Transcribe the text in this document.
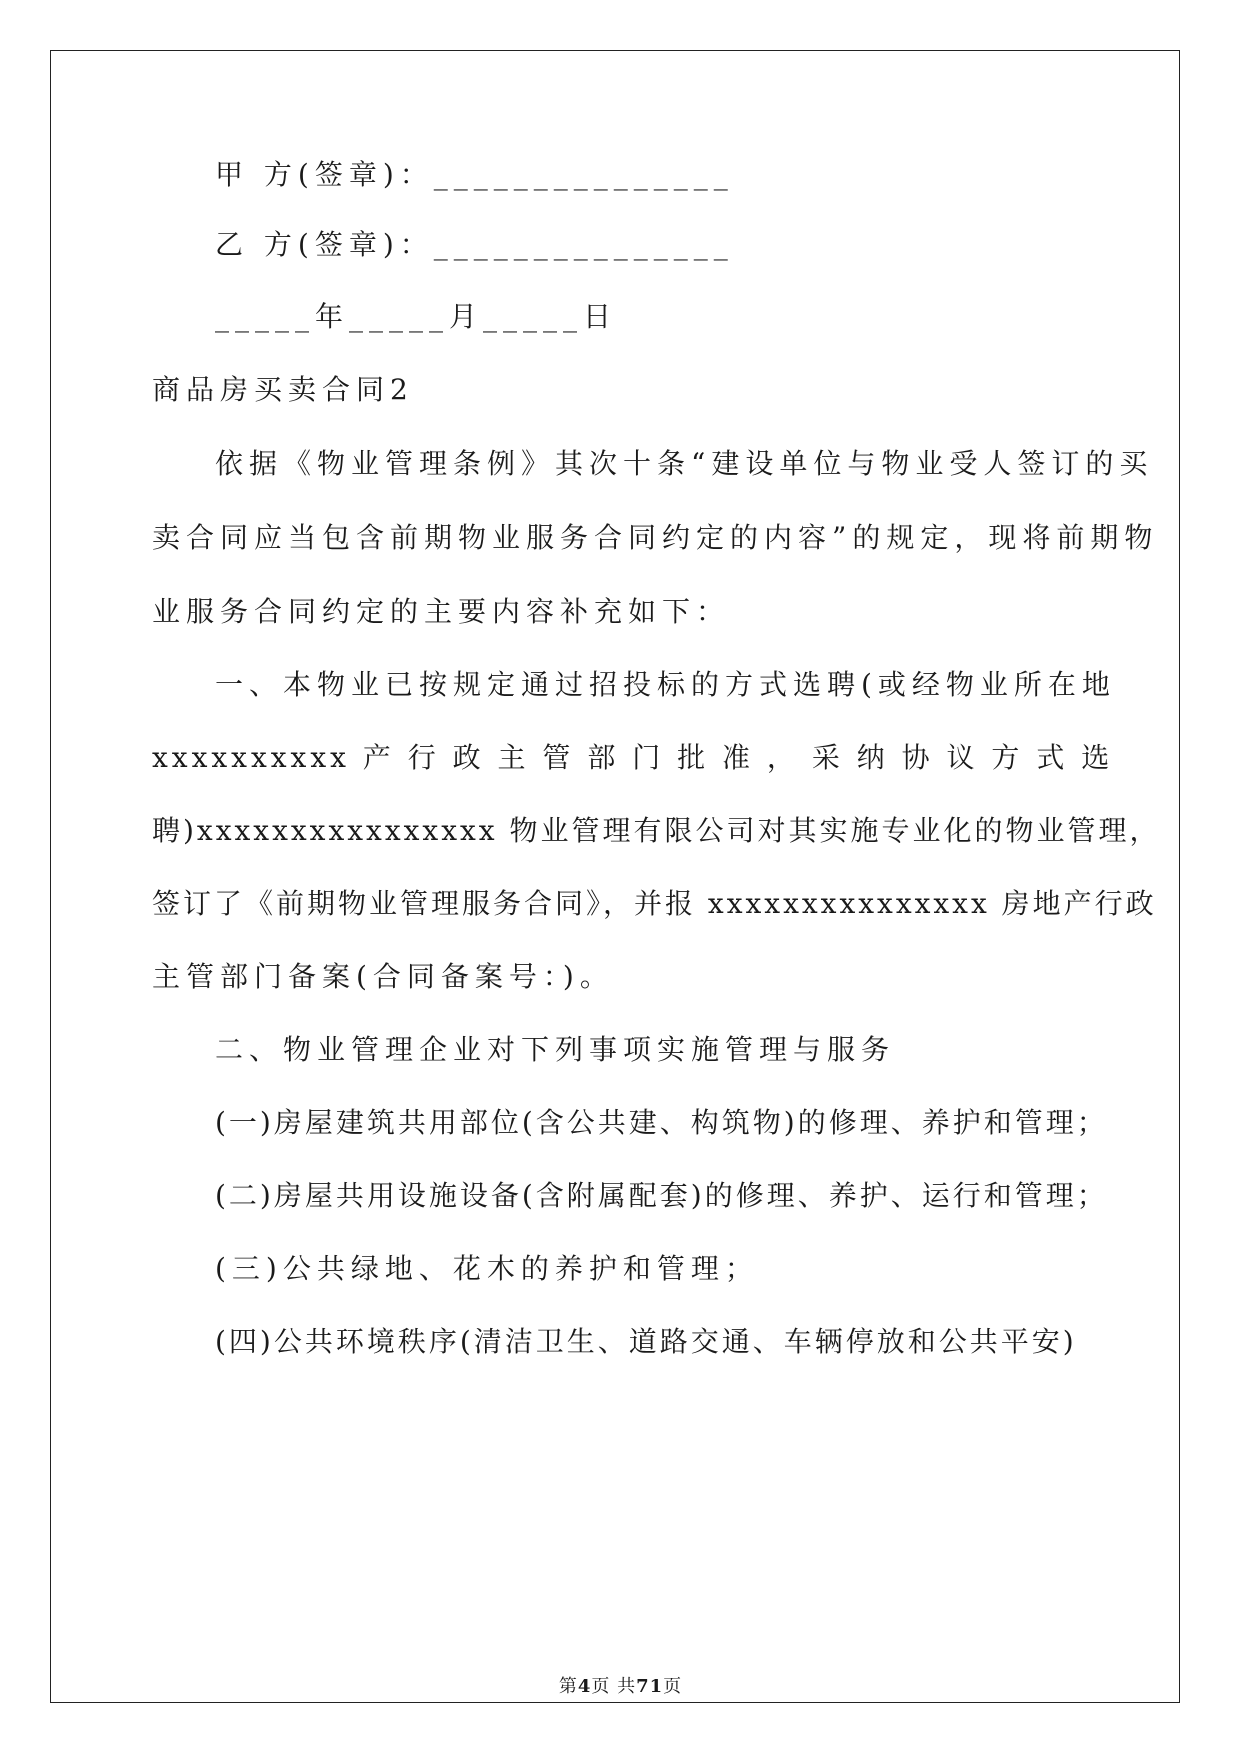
甲 方(签章)：_______________
乙 方(签章)：_______________
_____年_____月_____日
商品房买卖合同2
依据《物业管理条例》其次十条“建设单位与物业受人签订的买
卖合同应当包含前期物业服务合同约定的内容”的规定，现将前期物
业服务合同约定的主要内容补充如下：
一、本物业已按规定通过招投标的方式选聘(或经物业所在地
xxxxxxxxxx 产 行 政 主 管 部 门 批 准 ， 采 纳 协 议 方 式 选
聘)xxxxxxxxxxxxxxxx 物业管理有限公司对其实施专业化的物业管理，
签订了《前期物业管理服务合同》，并报 xxxxxxxxxxxxxxx 房地产行政
主管部门备案(合同备案号：)。
二、物业管理企业对下列事项实施管理与服务
(一)房屋建筑共用部位(含公共建、构筑物)的修理、养护和管理；
(二)房屋共用设施设备(含附属配套)的修理、养护、运行和管理；
(三)公共绿地、花木的养护和管理；
(四)公共环境秩序(清洁卫生、道路交通、车辆停放和公共平安)
第4页 共71页
